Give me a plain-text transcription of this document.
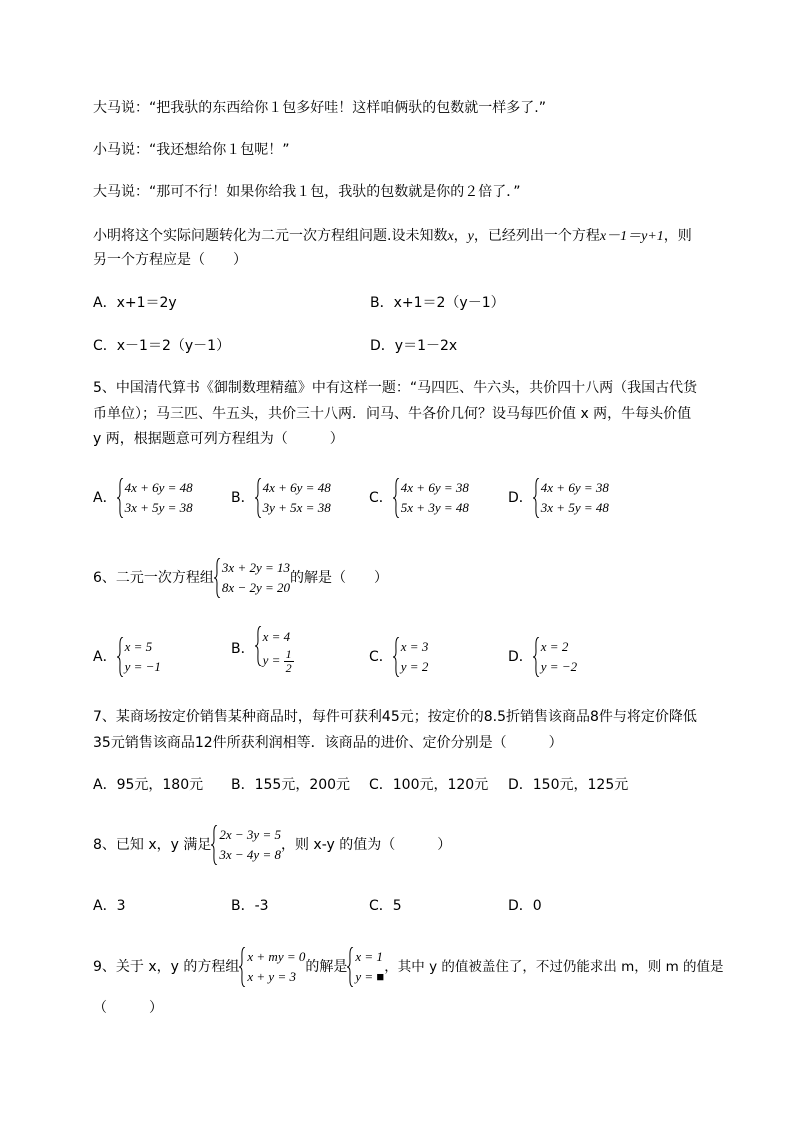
大马说：“把我驮的东西给你１包多好哇！这样咱俩驮的包数就一样多了.”
小马说：“我还想给你１包呢！”
大马说：“那可不行！如果你给我１包，我驮的包数就是你的２倍了．”
小明将这个实际问题转化为二元一次方程组问题.设未知数x，y，已经列出一个方程x－1＝y+1，则
另一个方程应是（　　）
A．x+1＝2y	B．x+1＝2（y－1）
C．x－1＝2（y－1）	D．y＝1－2x
5、中国清代算书《御制数理精蕴》中有这样一题：“马四匹、牛六头，共价四十八两（我国古代货
币单位）；马三匹、牛五头，共价三十八两．问马、牛各价几何？设马每匹价值 x 两，牛每头价值
y 两，根据题意可列方程组为（　　　）
A．
4x + 6y = 48
3x + 5y = 38
B．
4x + 6y = 48
3y + 5x = 38
C．
4x + 6y = 38
5x + 3y = 48
D．
4x + 6y = 38
3x + 5y = 48
6、二元一次方程组
3x + 2y = 13
8x − 2y = 20
的解是（　　）
A．
x = 5
y = −1
B．
x = 4
$y = \frac{1}{2}$	C．
x = 3
y = 2
D．
x = 2
y = −2
7、某商场按定价销售某种商品时，每件可获利45元；按定价的8.5折销售该商品8件与将定价降低
35元销售该商品12件所获利润相等．该商品的进价、定价分别是（　　　）
A．95元，180元 B．155元，200元 C．100元，120元 D．150元，125元
8、已知 x，y 满足
2x − 3y = 5
3x − 4y = 8
，则 x-y 的值为（　　　）
A．3	B．-3	C．5	D．0
9、关于 x，y 的方程组
x + my = 0
x + y = 3
的解是
x = 1
y = ■
，其中 y 的值被盖住了，不过仍能求出 m，则 m 的值是
（　　　）
